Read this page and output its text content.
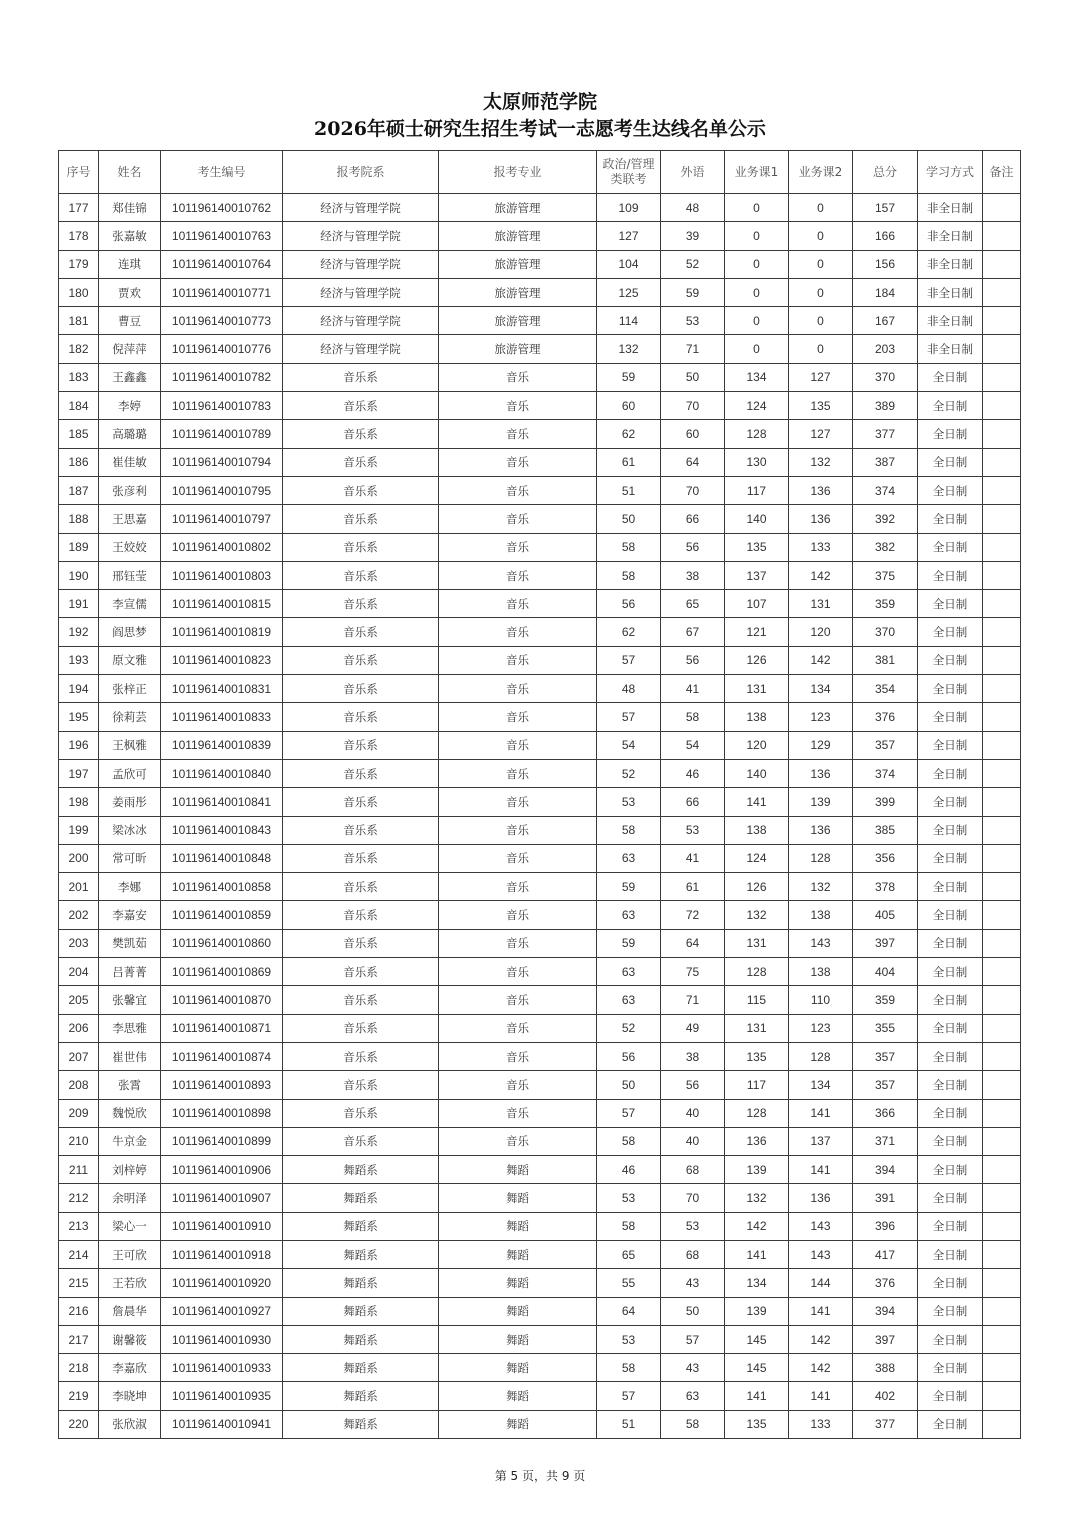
太原师范学院
2026年硕士研究生招生考试一志愿考生达线名单公示
序号	姓名	考生编号	报考院系	报考专业	政治/管理类联考	外语	业务课1	业务课2	总分	学习方式	备注
177	郑佳锦	101196140010762	经济与管理学院	旅游管理	109	48	0	0	157	非全日制	
178	张嘉敏	101196140010763	经济与管理学院	旅游管理	127	39	0	0	166	非全日制	
179	连琪	101196140010764	经济与管理学院	旅游管理	104	52	0	0	156	非全日制	
180	贾欢	101196140010771	经济与管理学院	旅游管理	125	59	0	0	184	非全日制	
181	曹豆	101196140010773	经济与管理学院	旅游管理	114	53	0	0	167	非全日制	
182	倪萍萍	101196140010776	经济与管理学院	旅游管理	132	71	0	0	203	非全日制	
183	王鑫鑫	101196140010782	音乐系	音乐	59	50	134	127	370	全日制	
184	李婷	101196140010783	音乐系	音乐	60	70	124	135	389	全日制	
185	高璐璐	101196140010789	音乐系	音乐	62	60	128	127	377	全日制	
186	崔佳敏	101196140010794	音乐系	音乐	61	64	130	132	387	全日制	
187	张彦利	101196140010795	音乐系	音乐	51	70	117	136	374	全日制	
188	王思嘉	101196140010797	音乐系	音乐	50	66	140	136	392	全日制	
189	王姣姣	101196140010802	音乐系	音乐	58	56	135	133	382	全日制	
190	邢钰莹	101196140010803	音乐系	音乐	58	38	137	142	375	全日制	
191	李宣儒	101196140010815	音乐系	音乐	56	65	107	131	359	全日制	
192	阎思梦	101196140010819	音乐系	音乐	62	67	121	120	370	全日制	
193	原文雅	101196140010823	音乐系	音乐	57	56	126	142	381	全日制	
194	张梓正	101196140010831	音乐系	音乐	48	41	131	134	354	全日制	
195	徐莉芸	101196140010833	音乐系	音乐	57	58	138	123	376	全日制	
196	王枫雅	101196140010839	音乐系	音乐	54	54	120	129	357	全日制	
197	孟欣可	101196140010840	音乐系	音乐	52	46	140	136	374	全日制	
198	姜雨彤	101196140010841	音乐系	音乐	53	66	141	139	399	全日制	
199	梁冰冰	101196140010843	音乐系	音乐	58	53	138	136	385	全日制	
200	常可昕	101196140010848	音乐系	音乐	63	41	124	128	356	全日制	
201	李娜	101196140010858	音乐系	音乐	59	61	126	132	378	全日制	
202	李嘉安	101196140010859	音乐系	音乐	63	72	132	138	405	全日制	
203	樊凯茹	101196140010860	音乐系	音乐	59	64	131	143	397	全日制	
204	吕菁菁	101196140010869	音乐系	音乐	63	75	128	138	404	全日制	
205	张馨宜	101196140010870	音乐系	音乐	63	71	115	110	359	全日制	
206	李思雅	101196140010871	音乐系	音乐	52	49	131	123	355	全日制	
207	崔世伟	101196140010874	音乐系	音乐	56	38	135	128	357	全日制	
208	张霄	101196140010893	音乐系	音乐	50	56	117	134	357	全日制	
209	魏悦欣	101196140010898	音乐系	音乐	57	40	128	141	366	全日制	
210	牛京金	101196140010899	音乐系	音乐	58	40	136	137	371	全日制	
211	刘梓婷	101196140010906	舞蹈系	舞蹈	46	68	139	141	394	全日制	
212	余明泽	101196140010907	舞蹈系	舞蹈	53	70	132	136	391	全日制	
213	梁心一	101196140010910	舞蹈系	舞蹈	58	53	142	143	396	全日制	
214	王可欣	101196140010918	舞蹈系	舞蹈	65	68	141	143	417	全日制	
215	王若欣	101196140010920	舞蹈系	舞蹈	55	43	134	144	376	全日制	
216	詹晨华	101196140010927	舞蹈系	舞蹈	64	50	139	141	394	全日制	
217	谢馨筱	101196140010930	舞蹈系	舞蹈	53	57	145	142	397	全日制	
218	李嘉欣	101196140010933	舞蹈系	舞蹈	58	43	145	142	388	全日制	
219	李晓坤	101196140010935	舞蹈系	舞蹈	57	63	141	141	402	全日制	
220	张欣淑	101196140010941	舞蹈系	舞蹈	51	58	135	133	377	全日制	
第 5 页，共 9 页
